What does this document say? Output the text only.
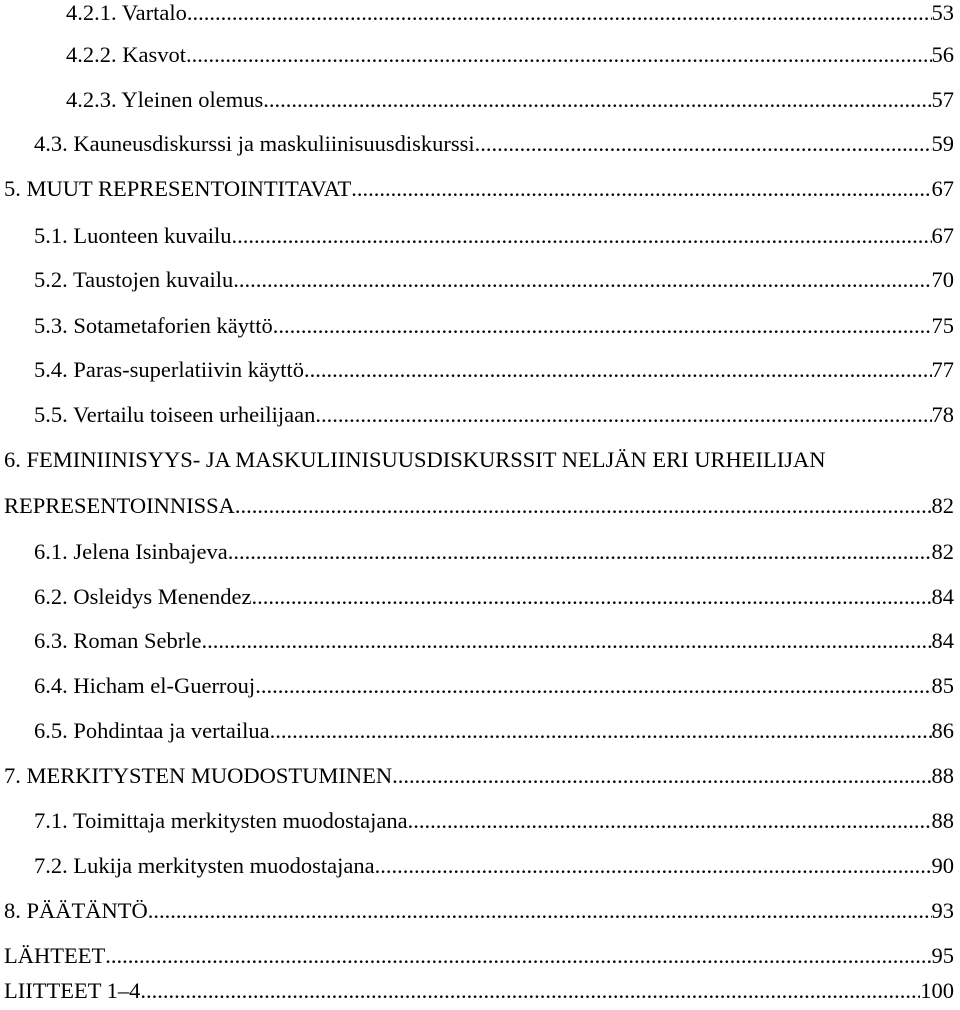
4.2.1. Vartalo .....	53
4.2.2. Kasvot .....	56
4.2.3. Yleinen olemus .....	57
4.3. Kauneusdiskurssi ja maskuliinisuusdiskurssi .....	59
5. MUUT REPRESENTOINTITAVAT .....	67
5.1. Luonteen kuvailu .....	67
5.2. Taustojen kuvailu .....	70
5.3. Sotametaforien käyttö .....	75
5.4. Paras-superlatiivin käyttö .....	77
5.5. Vertailu toiseen urheilijaan .....	78
6. FEMINIINISYYS- JA MASKULIINISUUSDISKURSSIT NELJÄN ERI URHEILIJAN
REPRESENTOINNISSA .....	82
6.1. Jelena Isinbajeva .....	82
6.2. Osleidys Menendez .....	84
6.3. Roman Sebrle .....	84
6.4. Hicham el-Guerrouj .....	85
6.5. Pohdintaa ja vertailua .....	86
7. MERKITYSTEN MUODOSTUMINEN .....	88
7.1. Toimittaja merkitysten muodostajana .....	88
7.2. Lukija merkitysten muodostajana .....	90
8. PÄÄTÄNTÖ .....	93
LÄHTEET .....	95
LIITTEET 1–4 .....	100
